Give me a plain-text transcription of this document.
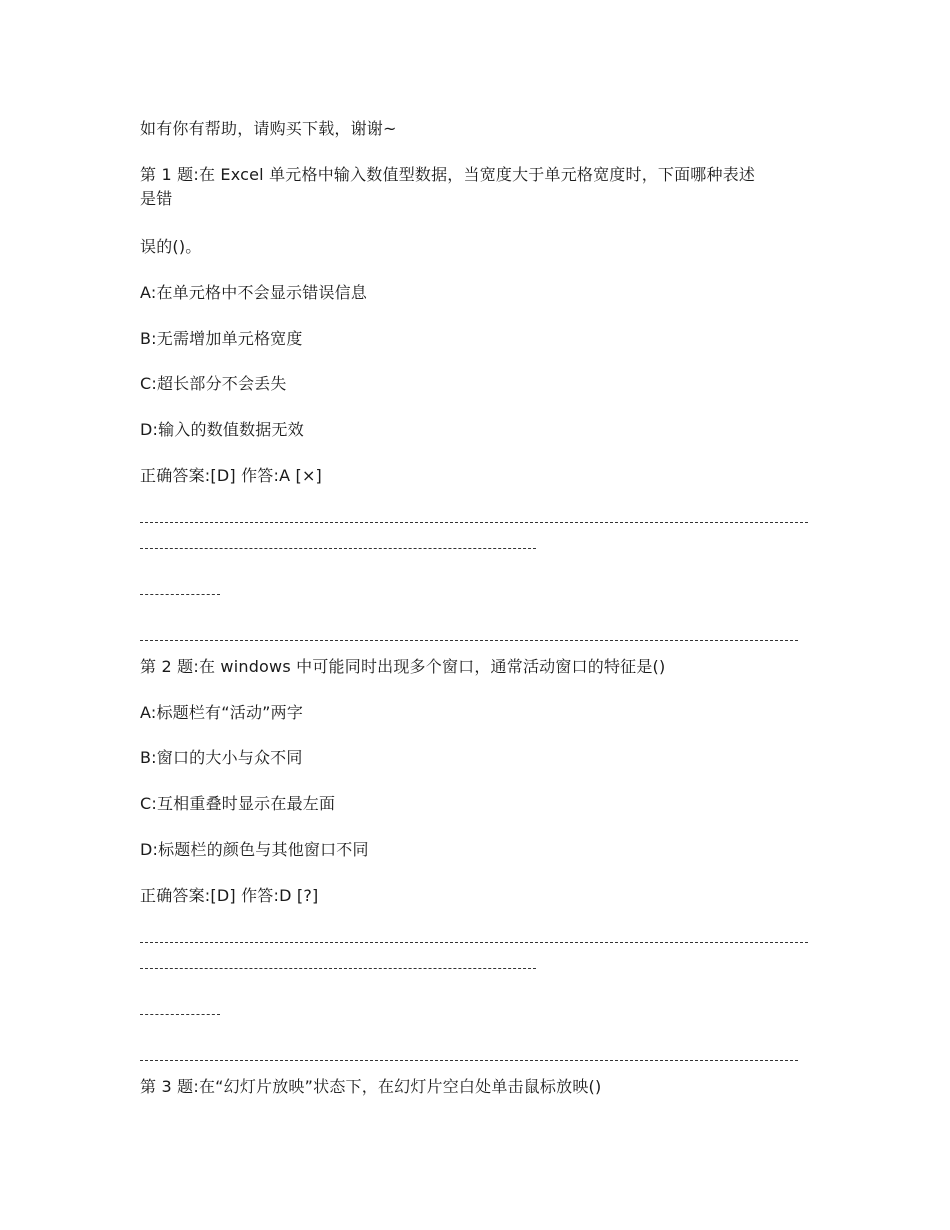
如有你有帮助，请购买下载，谢谢~
第 1 题:在 Excel 单元格中输入数值型数据，当宽度大于单元格宽度时，下面哪种表述
是错
误的()。
A:在单元格中不会显示错误信息
B:无需增加单元格宽度
C:超长部分不会丢失
D:输入的数值数据无效
正确答案:[D] 作答:A [×]
第 2 题:在 windows 中可能同时出现多个窗口，通常活动窗口的特征是()
A:标题栏有“活动”两字
B:窗口的大小与众不同
C:互相重叠时显示在最左面
D:标题栏的颜色与其他窗口不同
正确答案:[D] 作答:D [?]
第 3 题:在“幻灯片放映”状态下，在幻灯片空白处单击鼠标放映()
